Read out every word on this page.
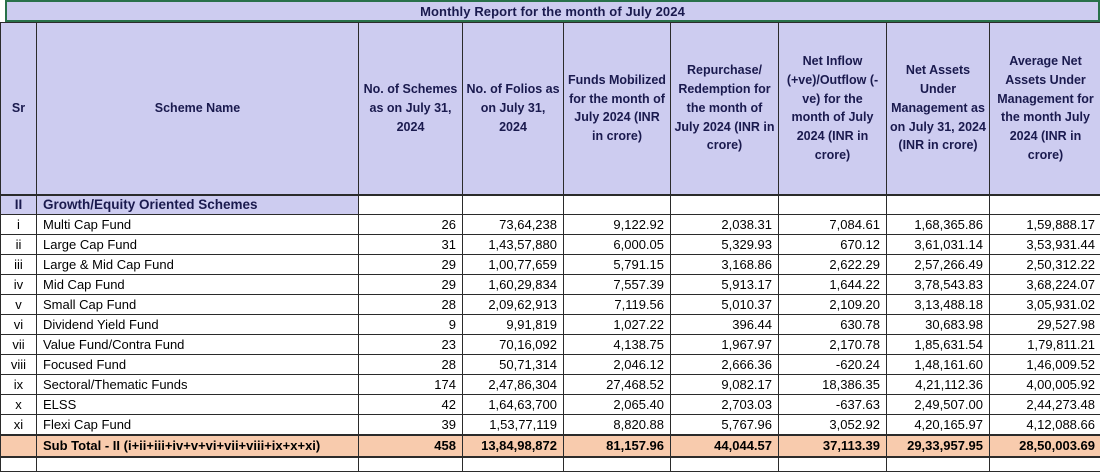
Monthly Report for the month of July 2024
Sr	Scheme Name	No. of Schemes as on July 31, 2024	No. of Folios as on July 31, 2024	Funds Mobilized for the month of July 2024 (INR in crore)	Repurchase/ Redemption for the month of July 2024 (INR in crore)	Net Inflow (+ve)/Outflow (-ve) for the month of July 2024 (INR in crore)	Net Assets Under Management as on July 31, 2024 (INR in crore)	Average Net Assets Under Management for the month July 2024 (INR in crore)
II	Growth/Equity Oriented Schemes							
i	Multi Cap Fund	26	73,64,238	9,122.92	2,038.31	7,084.61	1,68,365.86	1,59,888.17
ii	Large Cap Fund	31	1,43,57,880	6,000.05	5,329.93	670.12	3,61,031.14	3,53,931.44
iii	Large & Mid Cap Fund	29	1,00,77,659	5,791.15	3,168.86	2,622.29	2,57,266.49	2,50,312.22
iv	Mid Cap Fund	29	1,60,29,834	7,557.39	5,913.17	1,644.22	3,78,543.83	3,68,224.07
v	Small Cap Fund	28	2,09,62,913	7,119.56	5,010.37	2,109.20	3,13,488.18	3,05,931.02
vi	Dividend Yield Fund	9	9,91,819	1,027.22	396.44	630.78	30,683.98	29,527.98
vii	Value Fund/Contra Fund	23	70,16,092	4,138.75	1,967.97	2,170.78	1,85,631.54	1,79,811.21
viii	Focused Fund	28	50,71,314	2,046.12	2,666.36	-620.24	1,48,161.60	1,46,009.52
ix	Sectoral/Thematic Funds	174	2,47,86,304	27,468.52	9,082.17	18,386.35	4,21,112.36	4,00,005.92
x	ELSS	42	1,64,63,700	2,065.40	2,703.03	-637.63	2,49,507.00	2,44,273.48
xi	Flexi Cap Fund	39	1,53,77,119	8,820.88	5,767.96	3,052.92	4,20,165.97	4,12,088.66
	Sub Total - II (i+ii+iii+iv+v+vi+vii+viii+ix+x+xi)	458	13,84,98,872	81,157.96	44,044.57	37,113.39	29,33,957.95	28,50,003.69
